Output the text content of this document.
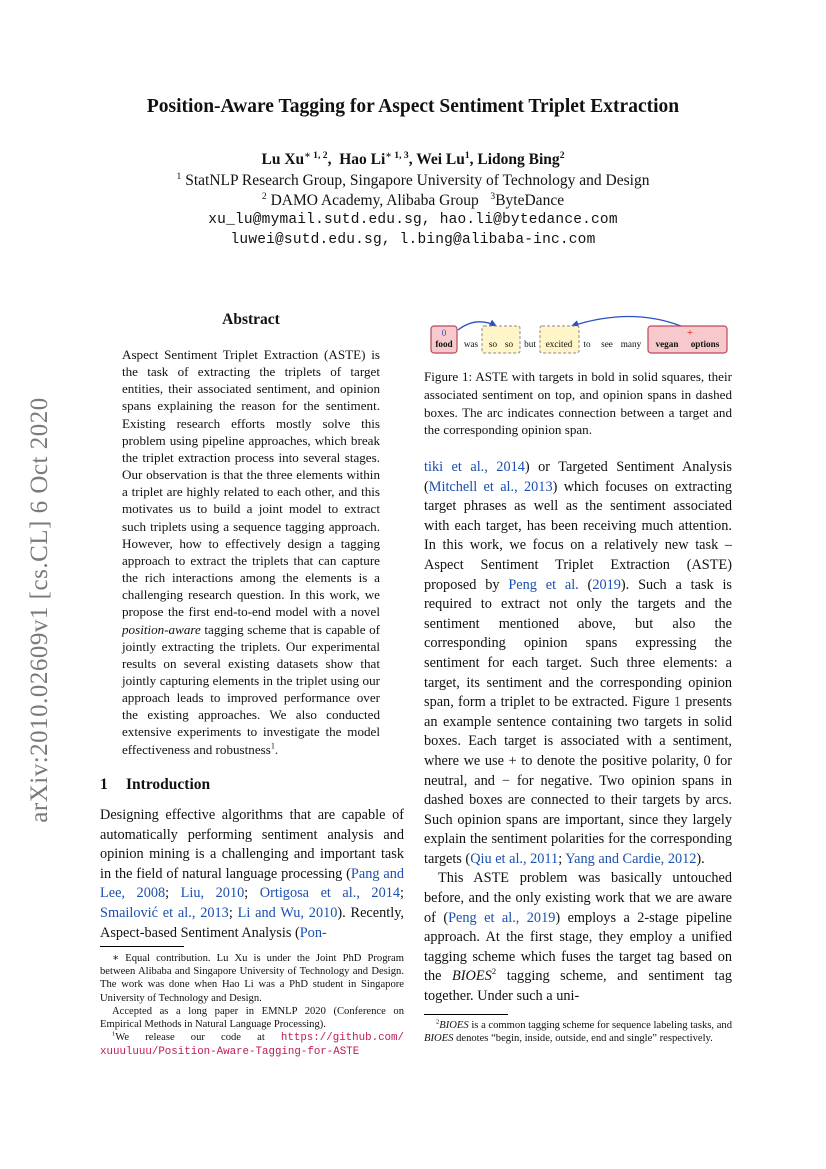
arXiv:2010.02609v1 [cs.CL] 6 Oct 2020
Position-Aware Tagging for Aspect Sentiment Triplet Extraction
Lu $Xu^{∗ 1, 2}$,  Hao $Li^{∗ 1, 3}$, Wei Lu$^1$, Lidong Bing$^2$
$^1$ StatNLP Research Group, Singapore University of Technology and Design
$^2$ DAMO Academy, Alibaba Group $^3$ByteDance
xu_lu@mymail.sutd.edu.sg, hao.li@bytedance.com
luwei@sutd.edu.sg, l.bing@alibaba-inc.com
Abstract
Aspect Sentiment Triplet Extraction (ASTE) is the task of extracting the triplets of target entities, their associated sentiment, and opinion spans explaining the reason for the sentiment. Existing research efforts mostly solve this problem using pipeline approaches, which break the triplet extraction process into several stages. Our observation is that the three elements within a triplet are highly related to each other, and this motivates us to build a joint model to extract such triplets using a sequence tagging approach. However, how to effectively design a tagging approach to extract the triplets that can capture the rich interactions among the elements is a challenging research question. In this work, we propose the first end-to-end model with a novel position-aware tagging scheme that is capable of jointly extracting the triplets. Our experimental results on several existing datasets show that jointly capturing elements in the triplet using our approach leads to improved performance over the existing approaches. We also conducted extensive experiments to investigate the model effectiveness and robustness$^1$.
1 Introduction
Designing effective algorithms that are capable of automatically performing sentiment analysis and opinion mining is a challenging and important task in the field of natural language processing (Pang and Lee, 2008; Liu, 2010; Ortigosa et al., 2014; Smailović et al., 2013; Li and Wu, 2010). Recently, Aspect-based Sentiment Analysis (Pon-

∗ Equal contribution. Lu Xu is under the Joint PhD Program between Alibaba and Singapore University of Technology and Design. The work was done when Hao Li was a PhD student in Singapore University of Technology and Design.

Accepted as a long paper in EMNLP 2020 (Conference on Empirical Methods in Natural Language Processing).

$^1$We release our code at https://github.com/ xuuuluuu/Position-Aware-Tagging-for-ASTE

0	+
food was so so but excited to see many vegan options
Figure 1: ASTE with targets in bold in solid squares, their associated sentiment on top, and opinion spans in dashed boxes. The arc indicates connection between a target and the corresponding opinion span.

tiki et al., 2014) or Targeted Sentiment Analysis (Mitchell et al., 2013) which focuses on extracting target phrases as well as the sentiment associated with each target, has been receiving much attention. In this work, we focus on a relatively new task – Aspect Sentiment Triplet Extraction (ASTE) proposed by Peng et al. (2019). Such a task is required to extract not only the targets and the sentiment mentioned above, but also the corresponding opinion spans expressing the sentiment for each target. Such three elements: a target, its sentiment and the corresponding opinion span, form a triplet to be extracted. Figure 1 presents an example sentence containing two targets in solid boxes. Each target is associated with a sentiment, where we use + to denote the positive polarity, 0 for neutral, and − for negative. Two opinion spans in dashed boxes are connected to their targets by arcs. Such opinion spans are important, since they largely explain the sentiment polarities for the corresponding targets (Qiu et al., 2011; Yang and Cardie, 2012).

This ASTE problem was basically untouched before, and the only existing work that we are aware of (Peng et al., 2019) employs a 2-stage pipeline approach. At the first stage, they employ a unified tagging scheme which fuses the target tag based on the BIOES$^2$ tagging scheme, and sentiment tag together. Under such a uni-

$^2$BIOES is a common tagging scheme for sequence labeling tasks, and BIOES denotes “begin, inside, outside, end and single” respectively.
